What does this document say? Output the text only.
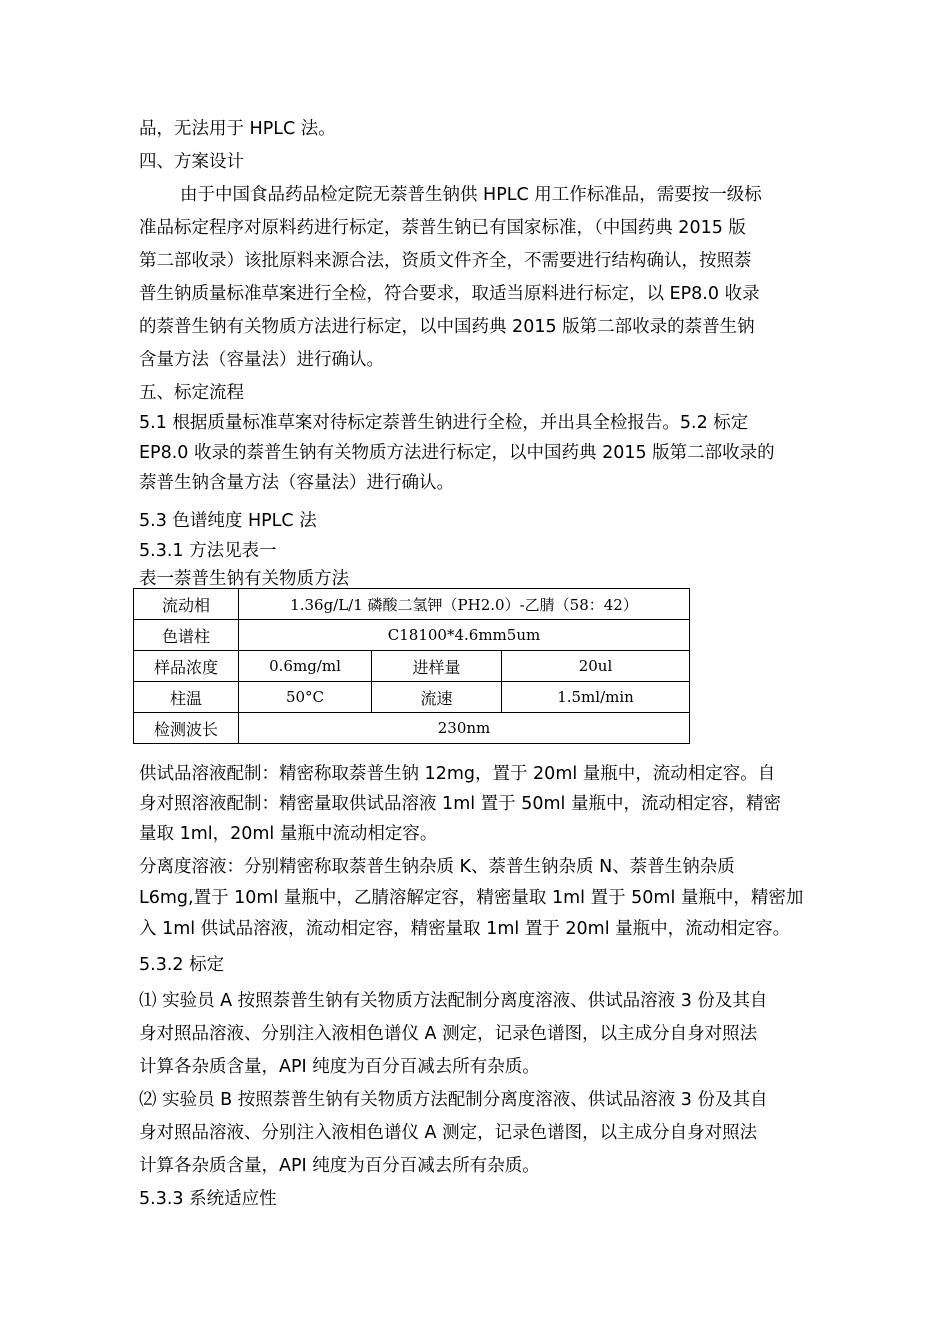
品，无法用于 HPLC 法。
四、方案设计
由于中国食品药品检定院无萘普生钠供 HPLC 用工作标准品，需要按一级标
准品标定程序对原料药进行标定，萘普生钠已有国家标准，（中国药典 2015 版
第二部收录）该批原料来源合法，资质文件齐全，不需要进行结构确认，按照萘
普生钠质量标准草案进行全检，符合要求，取适当原料进行标定，以 EP8.0 收录
的萘普生钠有关物质方法进行标定，以中国药典 2015 版第二部收录的萘普生钠
含量方法（容量法）进行确认。
五、标定流程
5.1 根据质量标准草案对待标定萘普生钠进行全检，并出具全检报告。5.2 标定
EP8.0 收录的萘普生钠有关物质方法进行标定，以中国药典 2015 版第二部收录的
萘普生钠含量方法（容量法）进行确认。
5.3 色谱纯度 HPLC 法
5.3.1 方法见表一
表一萘普生钠有关物质方法
流动相	1.36g/L/1 磷酸二氢钾（PH2.0）-乙腈（58：42）		
色谱柱	C18100*4.6mm5um		
样品浓度	0.6mg/ml	进样量	20ul
柱温	50°C	流速	1.5ml/min
检测波长	230nm		
供试品溶液配制：精密称取萘普生钠 12mg，置于 20ml 量瓶中，流动相定容。自
身对照溶液配制：精密量取供试品溶液 1ml 置于 50ml 量瓶中，流动相定容，精密
量取 1ml，20ml 量瓶中流动相定容。
分离度溶液：分别精密称取萘普生钠杂质 K、萘普生钠杂质 N、萘普生钠杂质
L6mg,置于 10ml 量瓶中，乙腈溶解定容，精密量取 1ml 置于 50ml 量瓶中，精密加
入 1ml 供试品溶液，流动相定容，精密量取 1ml 置于 20ml 量瓶中，流动相定容。
5.3.2 标定
⑴ 实验员 A 按照萘普生钠有关物质方法配制分离度溶液、供试品溶液 3 份及其自
身对照品溶液、分别注入液相色谱仪 A 测定，记录色谱图，以主成分自身对照法
计算各杂质含量，API 纯度为百分百减去所有杂质。
⑵ 实验员 B 按照萘普生钠有关物质方法配制分离度溶液、供试品溶液 3 份及其自
身对照品溶液、分别注入液相色谱仪 A 测定，记录色谱图，以主成分自身对照法
计算各杂质含量，API 纯度为百分百减去所有杂质。
5.3.3 系统适应性
